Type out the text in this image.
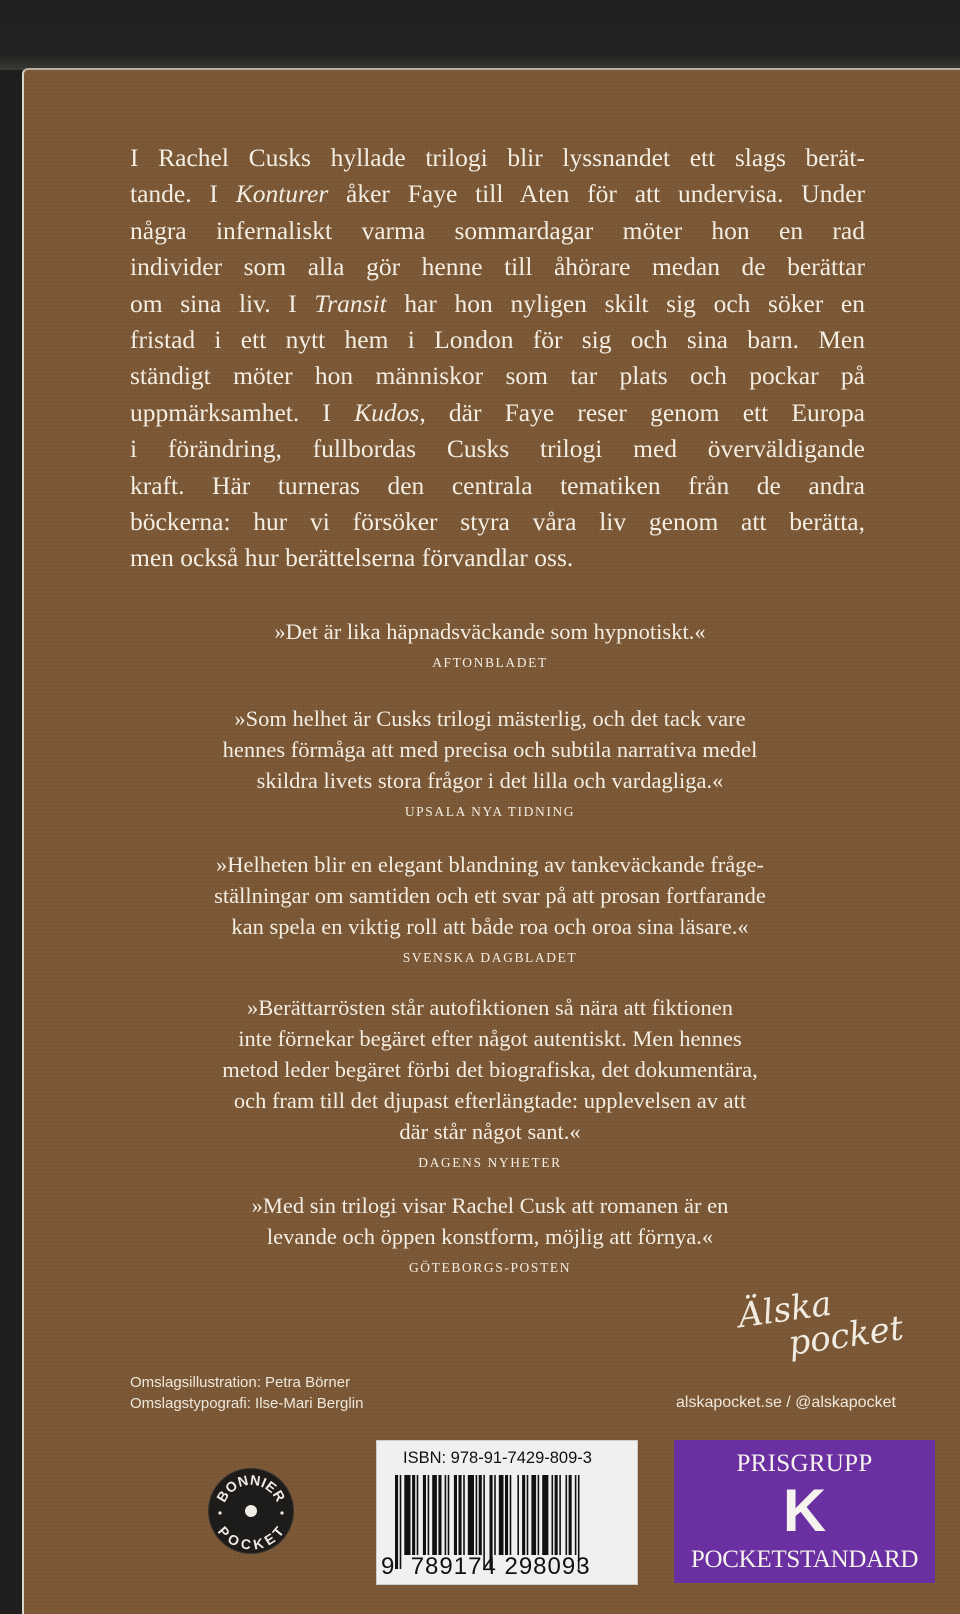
I Rachel Cusks hyllade trilogi blir lyssnandet ett slags berät-
tande. I Konturer åker Faye till Aten för att undervisa. Under
några infernaliskt varma sommardagar möter hon en rad
individer som alla gör henne till åhörare medan de berättar
om sina liv. I Transit har hon nyligen skilt sig och söker en
fristad i ett nytt hem i London för sig och sina barn. Men
ständigt möter hon människor som tar plats och pockar på
uppmärksamhet. I Kudos, där Faye reser genom ett Europa
i förändring, fullbordas Cusks trilogi med överväldigande
kraft. Här turneras den centrala tematiken från de andra
böckerna: hur vi försöker styra våra liv genom att berätta,
men också hur berättelserna förvandlar oss.
»Det är lika häpnadsväckande som hypnotiskt.«
AFTONBLADET
»Som helhet är Cusks trilogi mästerlig, och det tack vare
hennes förmåga att med precisa och subtila narrativa medel
skildra livets stora frågor i det lilla och vardagliga.«
UPSALA NYA TIDNING
»Helheten blir en elegant blandning av tankeväckande fråge-
ställningar om samtiden och ett svar på att prosan fortfarande
kan spela en viktig roll att både roa och oroa sina läsare.«
SVENSKA DAGBLADET
»Berättarrösten står autofiktionen så nära att fiktionen
inte förnekar begäret efter något autentiskt. Men hennes
metod leder begäret förbi det biografiska, det dokumentära,
och fram till det djupast efterlängtade: upplevelsen av att
där står något sant.«
DAGENS NYHETER
»Med sin trilogi visar Rachel Cusk att romanen är en
levande och öppen konstform, möjlig att förnya.«
GÖTEBORGS-POSTEN
Omslagsillustration: Petra Börner
Omslagstypografi: Ilse-Mari Berglin
Älska
pocket
alskapocket.se / @alskapocket
BONNIER
POCKET
ISBN: 978-91-7429-809-3
9 789174 298093
PRISGRUPP
K
POCKETSTANDARD
